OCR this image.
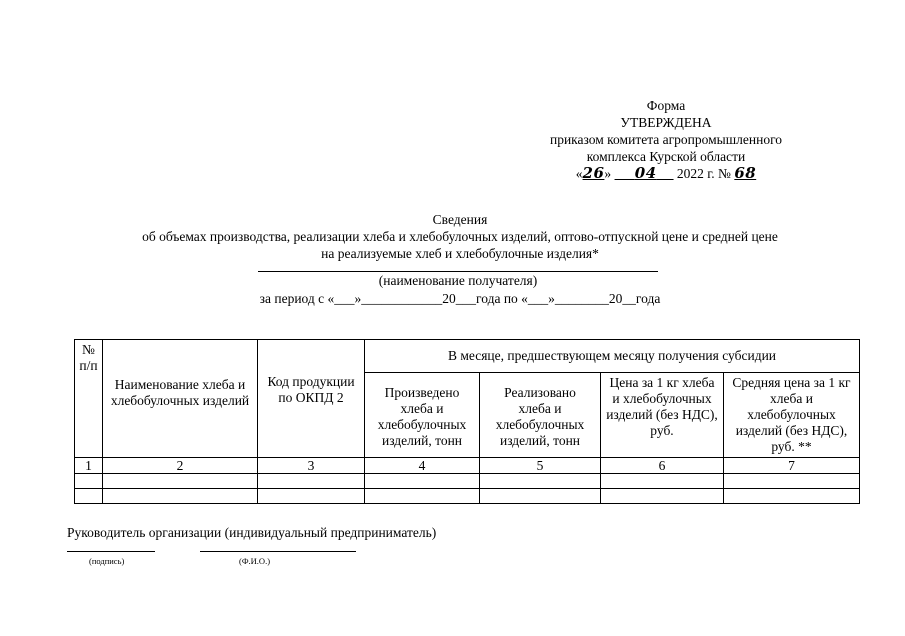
Форма
УТВЕРЖДЕНА
приказом комитета агропромышленного
комплекса Курской области
«26» 04 2022 г. № 68
Сведения
об объемах производства, реализации хлеба и хлебобулочных изделий, оптово-отпускной цене и средней цене
на реализуемые хлеб и хлебобулочные изделия*
(наименование получателя)
за период с «___»____________20___года по «___»________20__года
№ п/п	Наименование хлеба и хлебобулочных изделий	Код продукции по ОКПД 2	В месяце, предшествующем месяцу получения субсидии			
			Произведено хлеба и хлебобулочных изделий, тонн	Реализовано хлеба и хлебобулочных изделий, тонн	Цена за 1 кг хлеба и хлебобулочных изделий (без НДС), руб.	Средняя цена за 1 кг хлеба и хлебобулочных изделий (без НДС), руб. **
1	2	3	4	5	6	7

Руководитель организации (индивидуальный предприниматель)
(подпись)	(Ф.И.О.)
